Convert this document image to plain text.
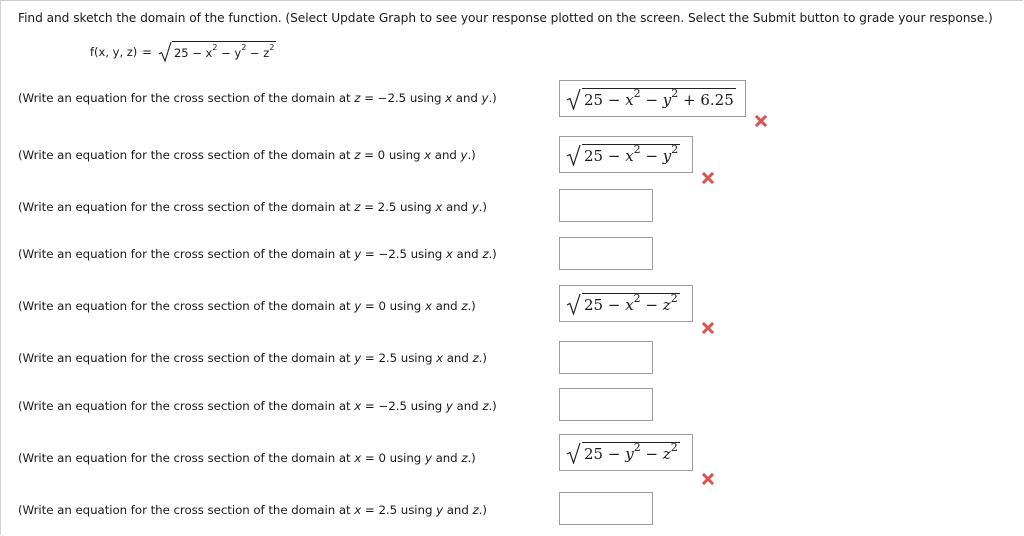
Find and sketch the domain of the function. (Select Update Graph to see your response plotted on the screen. Select the Submit button to grade your response.)
f(x, y, $z) = 25 - x^2 - y^2 - z^2$
(Write an equation for the cross section of the domain at z = −2.5 using x and y.)	$25 - x^2 - y^2 + 6.25$
(Write an equation for the cross section of the domain at z = 0 using x and y.)	$25 - x^2 - y^2$
(Write an equation for the cross section of the domain at z = 2.5 using x and y.)
(Write an equation for the cross section of the domain at y = −2.5 using x and z.)
(Write an equation for the cross section of the domain at y = 0 using x and z.)	$25 - x^2 - z^2$
(Write an equation for the cross section of the domain at y = 2.5 using x and z.)
(Write an equation for the cross section of the domain at x = −2.5 using y and z.)
(Write an equation for the cross section of the domain at x = 0 using y and z.)	$25 - y^2 - z^2$
(Write an equation for the cross section of the domain at x = 2.5 using y and z.)
